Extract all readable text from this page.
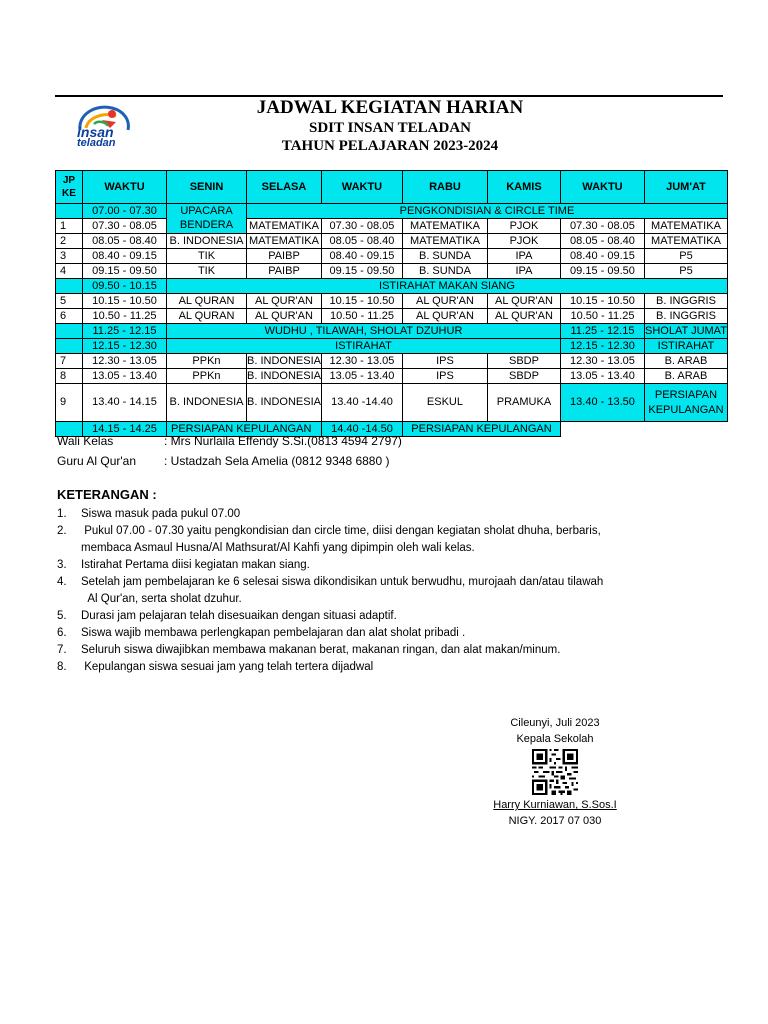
insan
teladan
JADWAL KEGIATAN HARIAN
SDIT INSAN TELADAN
TAHUN PELAJARAN 2023-2024
JP KE	WAKTU	SENIN	SELASA	WAKTU	RABU	KAMIS	WAKTU	JUM'AT
	07.00 - 07.30	UPACARA	PENGKONDISIAN & CIRCLE TIME					
1	07.30 - 08.05	BENDERA	MATEMATIKA	07.30 - 08.05	MATEMATIKA	PJOK	07.30 - 08.05	MATEMATIKA
2	08.05 - 08.40	B. INDONESIA	MATEMATIKA	08.05 - 08.40	MATEMATIKA	PJOK	08.05 - 08.40	MATEMATIKA
3	08.40 - 09.15	TIK	PAIBP	08.40 - 09.15	B. SUNDA	IPA	08.40 - 09.15	P5
4	09.15 - 09.50	TIK	PAIBP	09.15 - 09.50	B. SUNDA	IPA	09.15 - 09.50	P5
	09.50 - 10.15	ISTIRAHAT MAKAN SIANG						
5	10.15 - 10.50	AL QURAN	AL QUR'AN	10.15 - 10.50	AL QUR'AN	AL QUR'AN	10.15 - 10.50	B. INGGRIS
6	10.50 - 11.25	AL QURAN	AL QUR'AN	10.50 - 11.25	AL QUR'AN	AL QUR'AN	10.50 - 11.25	B. INGGRIS
	11.25 - 12.15	WUDHU , TILAWAH, SHOLAT DZUHUR					11.25 - 12.15	SHOLAT JUMAT
	12.15 - 12.30	ISTIRAHAT					12.15 - 12.30	ISTIRAHAT
7	12.30 - 13.05	PPKn	B. INDONESIA	12.30 - 13.05	IPS	SBDP	12.30 - 13.05	B. ARAB
8	13.05 - 13.40	PPKn	B. INDONESIA	13.05 - 13.40	IPS	SBDP	13.05 - 13.40	B. ARAB
9	13.40 - 14.15	B. INDONESIA	B. INDONESIA	13.40 -14.40	ESKUL	PRAMUKA	13.40 - 13.50	PERSIAPAN
KEPULANGAN

	14.15 - 14.25	PERSIAPAN KEPULANGAN		14.40 -14.50	PERSIAPAN KEPULANGAN			
Wali Kelas	: Mrs Nurlaila Effendy S.Si.(0813 4594 2797)
Guru Al Qur'an : Ustadzah Sela Amelia (0812 9348 6880 )
KETERANGAN :
1.	Siswa masuk pada pukul 07.00
2.	Pukul 07.00 - 07.30 yaitu pengkondisian dan circle time, diisi dengan kegiatan sholat dhuha, berbaris,
membaca Asmaul Husna/Al Mathsurat/Al Kahfi yang dipimpin oleh wali kelas.
3.	Istirahat Pertama diisi kegiatan makan siang.
4.	Setelah jam pembelajaran ke 6 selesai siswa dikondisikan untuk berwudhu, murojaah dan/atau tilawah
Al Qur'an, serta sholat dzuhur.
5.	Durasi jam pelajaran telah disesuaikan dengan situasi adaptif.
6.	Siswa wajib membawa perlengkapan pembelajaran dan alat sholat pribadi .
7.	Seluruh siswa diwajibkan membawa makanan berat, makanan ringan, dan alat makan/minum.
8.	Kepulangan siswa sesuai jam yang telah tertera dijadwal
Cileunyi, Juli 2023
Kepala Sekolah
Harry Kurniawan, S.Sos.I
NIGY. 2017 07 030
